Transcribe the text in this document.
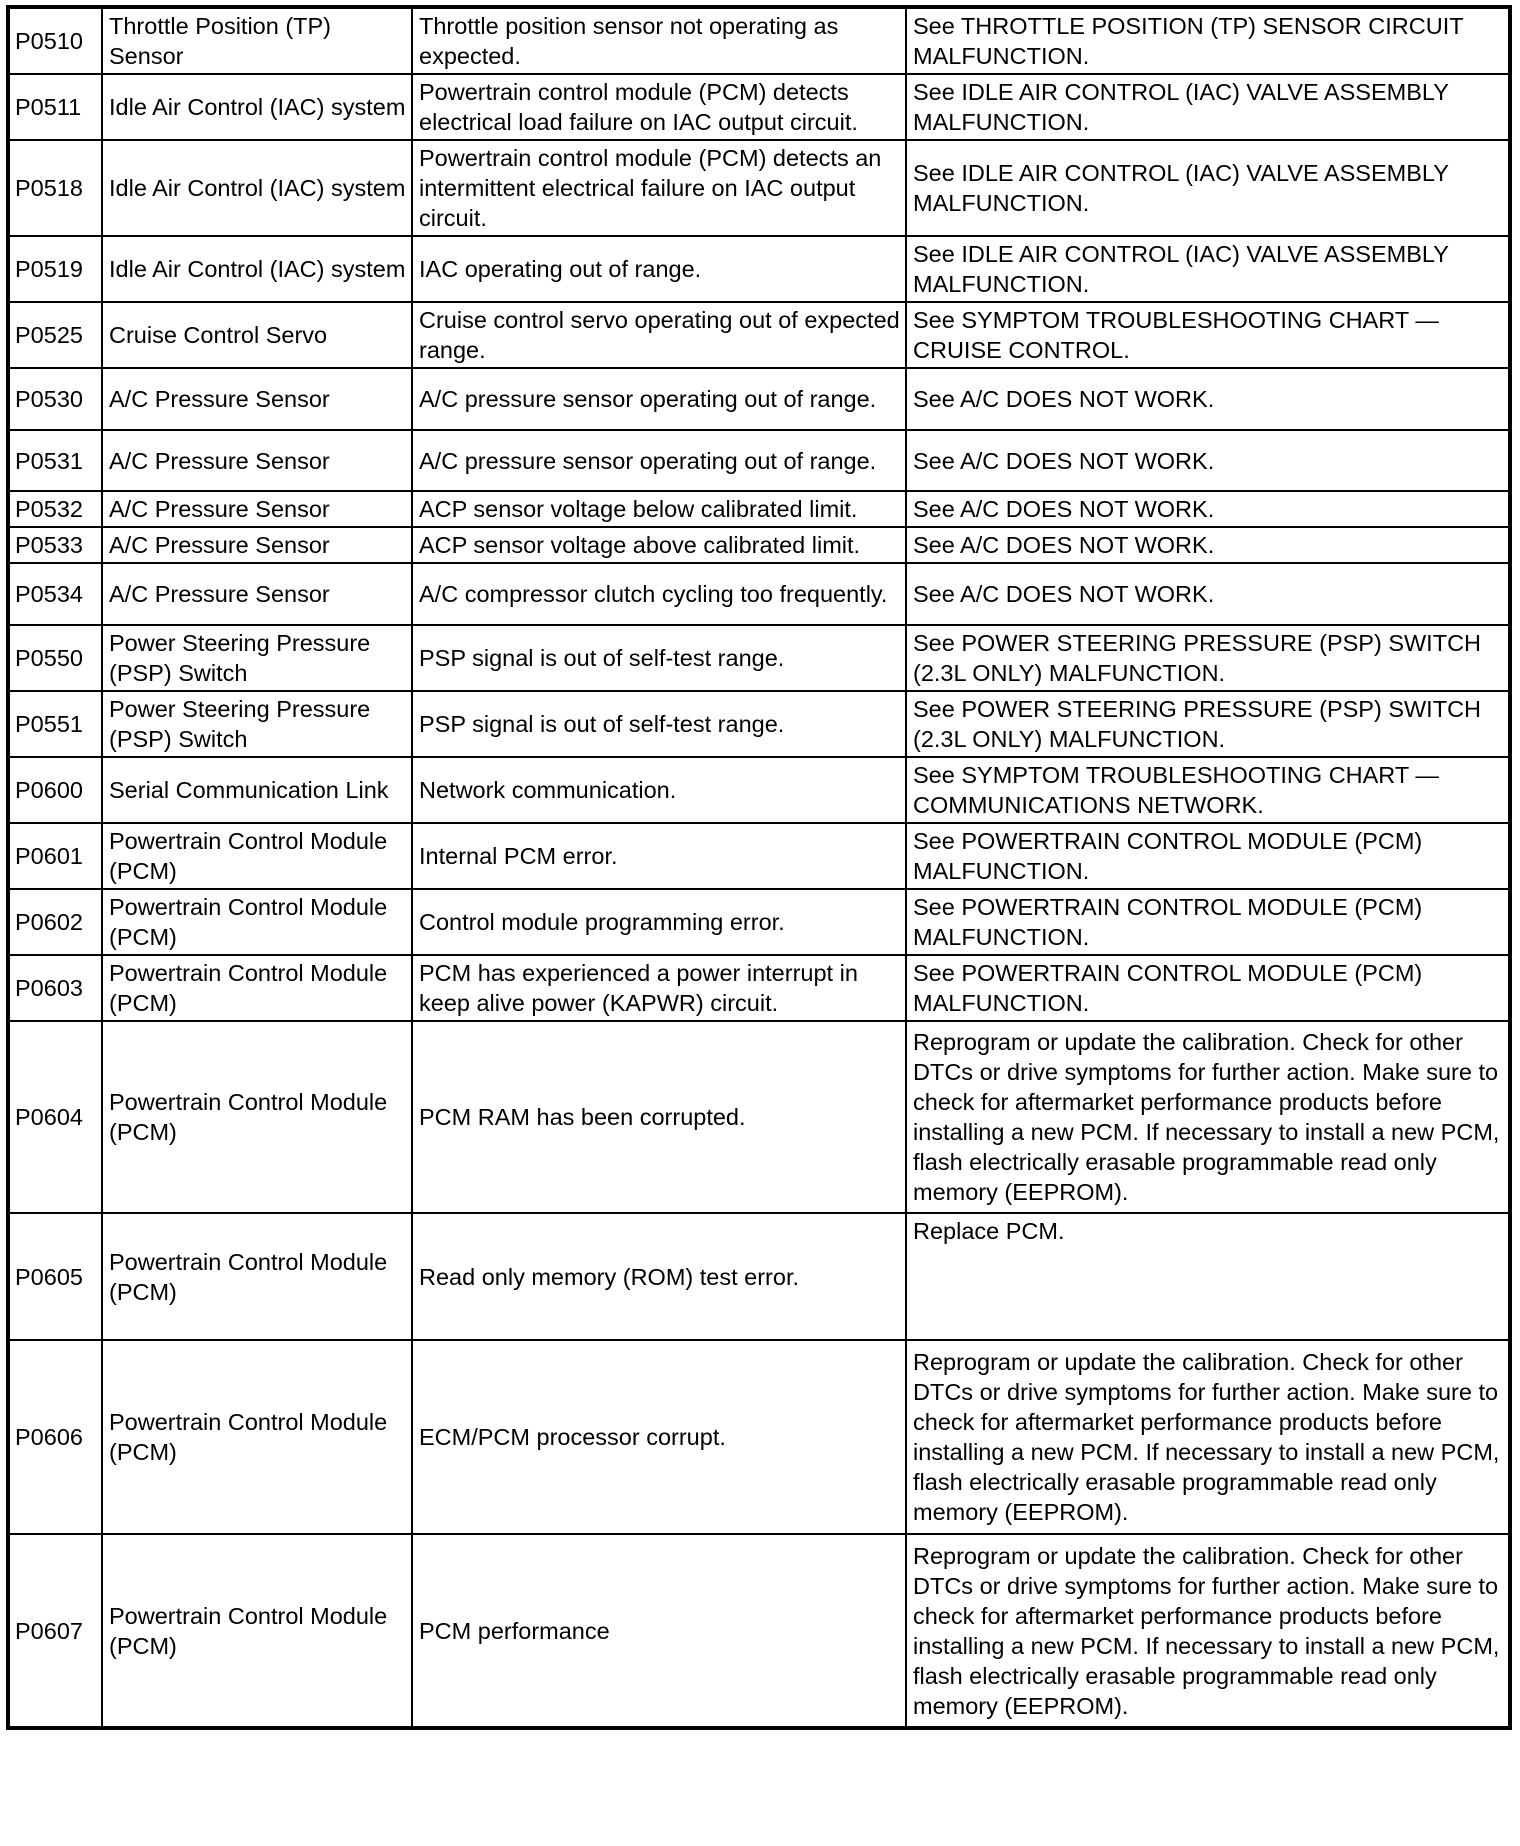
P0510	Throttle Position (TP) Sensor	Throttle position sensor not operating as expected.	See THROTTLE POSITION (TP) SENSOR CIRCUIT MALFUNCTION.
P0511	Idle Air Control (IAC) system	Powertrain control module (PCM) detects electrical load failure on IAC output circuit.	See IDLE AIR CONTROL (IAC) VALVE ASSEMBLY MALFUNCTION.
P0518	Idle Air Control (IAC) system	Powertrain control module (PCM) detects an intermittent electrical failure on IAC output circuit.	See IDLE AIR CONTROL (IAC) VALVE ASSEMBLY MALFUNCTION.
P0519	Idle Air Control (IAC) system	IAC operating out of range.	See IDLE AIR CONTROL (IAC) VALVE ASSEMBLY MALFUNCTION.
P0525	Cruise Control Servo	Cruise control servo operating out of expected range.	See SYMPTOM TROUBLESHOOTING CHART — CRUISE CONTROL.
P0530	A/C Pressure Sensor	A/C pressure sensor operating out of range.	See A/C DOES NOT WORK.
P0531	A/C Pressure Sensor	A/C pressure sensor operating out of range.	See A/C DOES NOT WORK.
P0532	A/C Pressure Sensor	ACP sensor voltage below calibrated limit.	See A/C DOES NOT WORK.
P0533	A/C Pressure Sensor	ACP sensor voltage above calibrated limit.	See A/C DOES NOT WORK.
P0534	A/C Pressure Sensor	A/C compressor clutch cycling too frequently.	See A/C DOES NOT WORK.
P0550	Power Steering Pressure (PSP) Switch	PSP signal is out of self-test range.	See POWER STEERING PRESSURE (PSP) SWITCH (2.3L ONLY) MALFUNCTION.
P0551	Power Steering Pressure (PSP) Switch	PSP signal is out of self-test range.	See POWER STEERING PRESSURE (PSP) SWITCH (2.3L ONLY) MALFUNCTION.
P0600	Serial Communication Link	Network communication.	See SYMPTOM TROUBLESHOOTING CHART — COMMUNICATIONS NETWORK.
P0601	Powertrain Control Module (PCM)	Internal PCM error.	See POWERTRAIN CONTROL MODULE (PCM) MALFUNCTION.
P0602	Powertrain Control Module (PCM)	Control module programming error.	See POWERTRAIN CONTROL MODULE (PCM) MALFUNCTION.
P0603	Powertrain Control Module (PCM)	PCM has experienced a power interrupt in keep alive power (KAPWR) circuit.	See POWERTRAIN CONTROL MODULE (PCM) MALFUNCTION.
P0604	Powertrain Control Module (PCM)	PCM RAM has been corrupted.	Reprogram or update the calibration. Check for other DTCs or drive symptoms for further action. Make sure to check for aftermarket performance products before installing a new PCM. If necessary to install a new PCM, flash electrically erasable programmable read only memory (EEPROM).
P0605	Powertrain Control Module (PCM)	Read only memory (ROM) test error.	Replace PCM.
P0606	Powertrain Control Module (PCM)	ECM/PCM processor corrupt.	Reprogram or update the calibration. Check for other DTCs or drive symptoms for further action. Make sure to check for aftermarket performance products before installing a new PCM. If necessary to install a new PCM, flash electrically erasable programmable read only memory (EEPROM).
P0607	Powertrain Control Module (PCM)	PCM performance	Reprogram or update the calibration. Check for other DTCs or drive symptoms for further action. Make sure to check for aftermarket performance products before installing a new PCM. If necessary to install a new PCM, flash electrically erasable programmable read only memory (EEPROM).
